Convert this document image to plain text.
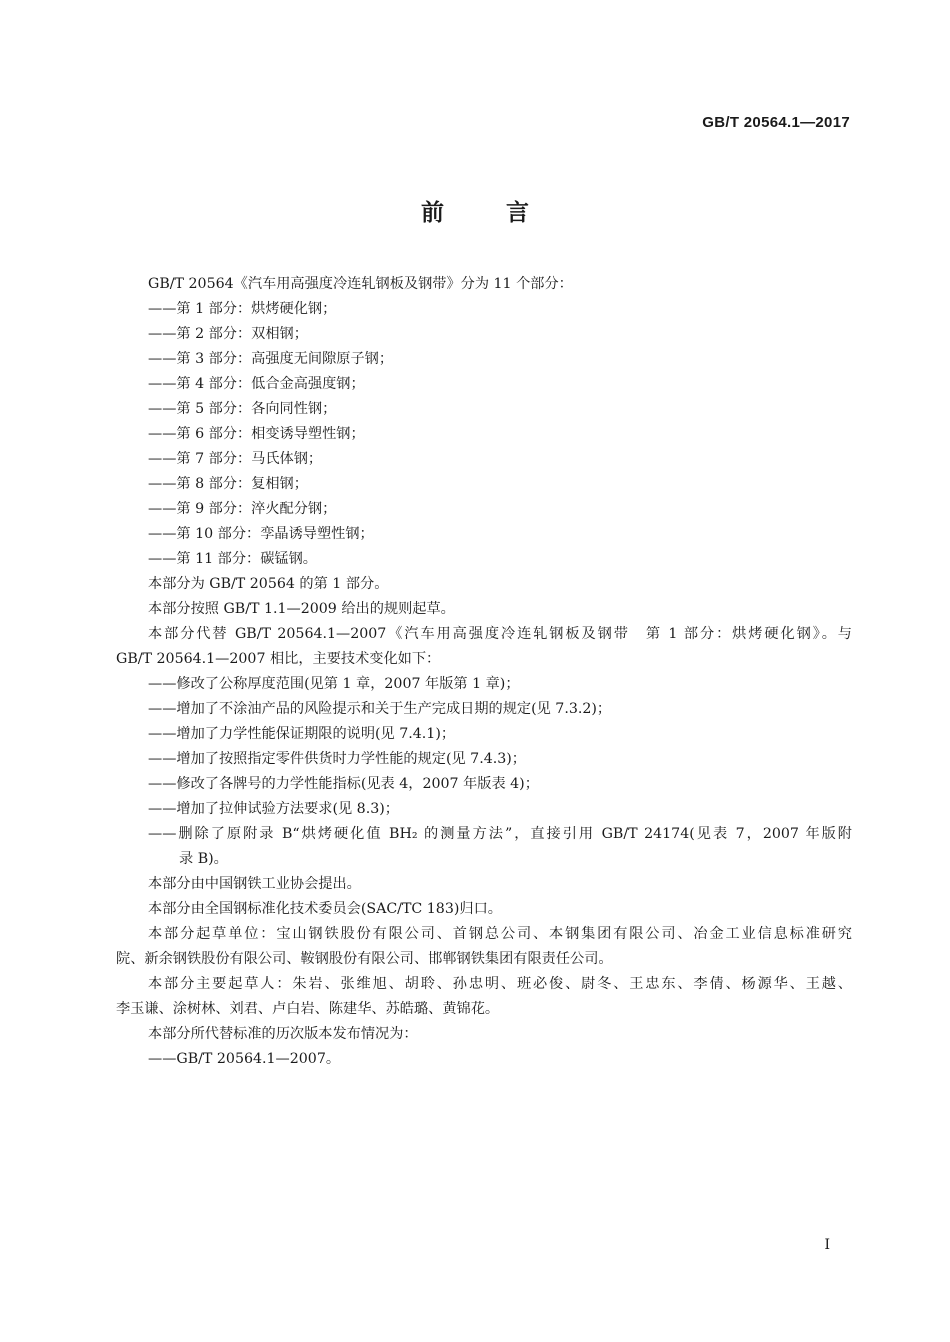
GB/T 20564.1—2017
前言
GB/T 20564《汽车用高强度冷连轧钢板及钢带》分为 11 个部分：
——第 1 部分：烘烤硬化钢；
——第 2 部分：双相钢；
——第 3 部分：高强度无间隙原子钢；
——第 4 部分：低合金高强度钢；
——第 5 部分：各向同性钢；
——第 6 部分：相变诱导塑性钢；
——第 7 部分：马氏体钢；
——第 8 部分：复相钢；
——第 9 部分：淬火配分钢；
——第 10 部分：孪晶诱导塑性钢；
——第 11 部分：碳锰钢。
本部分为 GB/T 20564 的第 1 部分。
本部分按照 GB/T 1.1—2009 给出的规则起草。
本部分代替 GB/T 20564.1—2007《汽车用高强度冷连轧钢板及钢带　第 1 部分：烘烤硬化钢》。与
GB/T 20564.1—2007 相比，主要技术变化如下：
——修改了公称厚度范围(见第 1 章，2007 年版第 1 章)；
——增加了不涂油产品的风险提示和关于生产完成日期的规定(见 7.3.2)；
——增加了力学性能保证期限的说明(见 7.4.1)；
——增加了按照指定零件供货时力学性能的规定(见 7.4.3)；
——修改了各牌号的力学性能指标(见表 4，2007 年版表 4)；
——增加了拉伸试验方法要求(见 8.3)；
——删除了原附录 B“烘烤硬化值 BH₂ 的测量方法”，直接引用 GB/T 24174(见表 7，2007 年版附
录 B)。
本部分由中国钢铁工业协会提出。
本部分由全国钢标准化技术委员会(SAC/TC 183)归口。
本部分起草单位：宝山钢铁股份有限公司、首钢总公司、本钢集团有限公司、冶金工业信息标准研究
院、新余钢铁股份有限公司、鞍钢股份有限公司、邯郸钢铁集团有限责任公司。
本部分主要起草人：朱岩、张维旭、胡聆、孙忠明、班必俊、尉冬、王忠东、李倩、杨源华、王越、
李玉谦、涂树林、刘君、卢白岩、陈建华、苏皓璐、黄锦花。
本部分所代替标准的历次版本发布情况为：
——GB/T 20564.1—2007。
I
